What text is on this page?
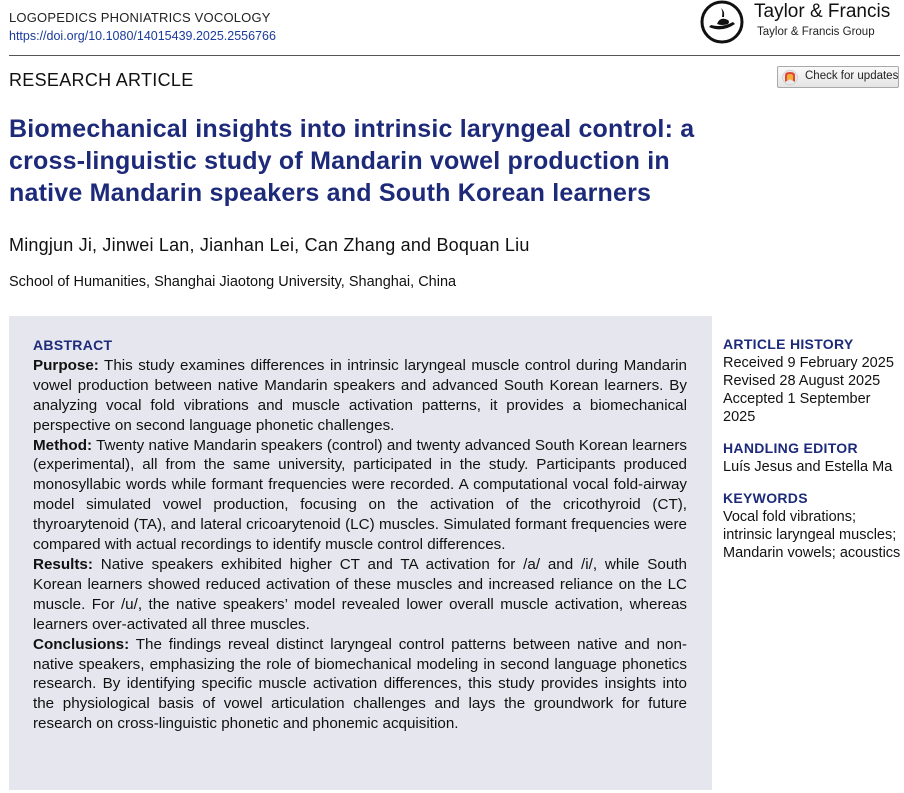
LOGOPEDICS PHONIATRICS VOCOLOGY
https://doi.org/10.1080/14015439.2025.2556766
Taylor & Francis
Taylor & Francis Group
RESEARCH ARTICLE	Check for updates
Biomechanical insights into intrinsic laryngeal control: a cross-linguistic study of Mandarin vowel production in native Mandarin speakers and South Korean learners
Mingjun Ji, Jinwei Lan, Jianhan Lei, Can Zhang and Boquan Liu
School of Humanities, Shanghai Jiaotong University, Shanghai, China
ABSTRACT

Purpose: This study examines differences in intrinsic laryngeal muscle control during Mandarin vowel production between native Mandarin speakers and advanced South Korean learners. By analyzing vocal fold vibrations and muscle activation patterns, it provides a biomechanical perspective on second language phonetic challenges.

Method: Twenty native Mandarin speakers (control) and twenty advanced South Korean learners (experimental), all from the same university, participated in the study. Participants produced monosyllabic words while formant frequencies were recorded. A computational vocal fold-airway model simulated vowel production, focusing on the activation of the cricothyroid (CT), thyroarytenoid (TA), and lateral cricoarytenoid (LC) muscles. Simulated formant frequencies were compared with actual recordings to identify muscle control differences.

Results: Native speakers exhibited higher CT and TA activation for /a/ and /i/, while South Korean learners showed reduced activation of these muscles and increased reliance on the LC muscle. For /u/, the native speakers’ model revealed lower overall muscle activation, whereas learners over-activated all three muscles.

Conclusions: The findings reveal distinct laryngeal control patterns between native and non-native speakers, emphasizing the role of biomechanical modeling in second language phonetics research. By identifying specific muscle activation differences, this study provides insights into the physiological basis of vowel articulation challenges and lays the groundwork for future research on cross-linguistic phonetic and phonemic acquisition.

ARTICLE HISTORY
Received 9 February 2025
Revised 28 August 2025
Accepted 1 September 2025
HANDLING EDITOR
Luís Jesus and Estella Ma
KEYWORDS
Vocal fold vibrations; intrinsic laryngeal muscles; Mandarin vowels; acoustics
